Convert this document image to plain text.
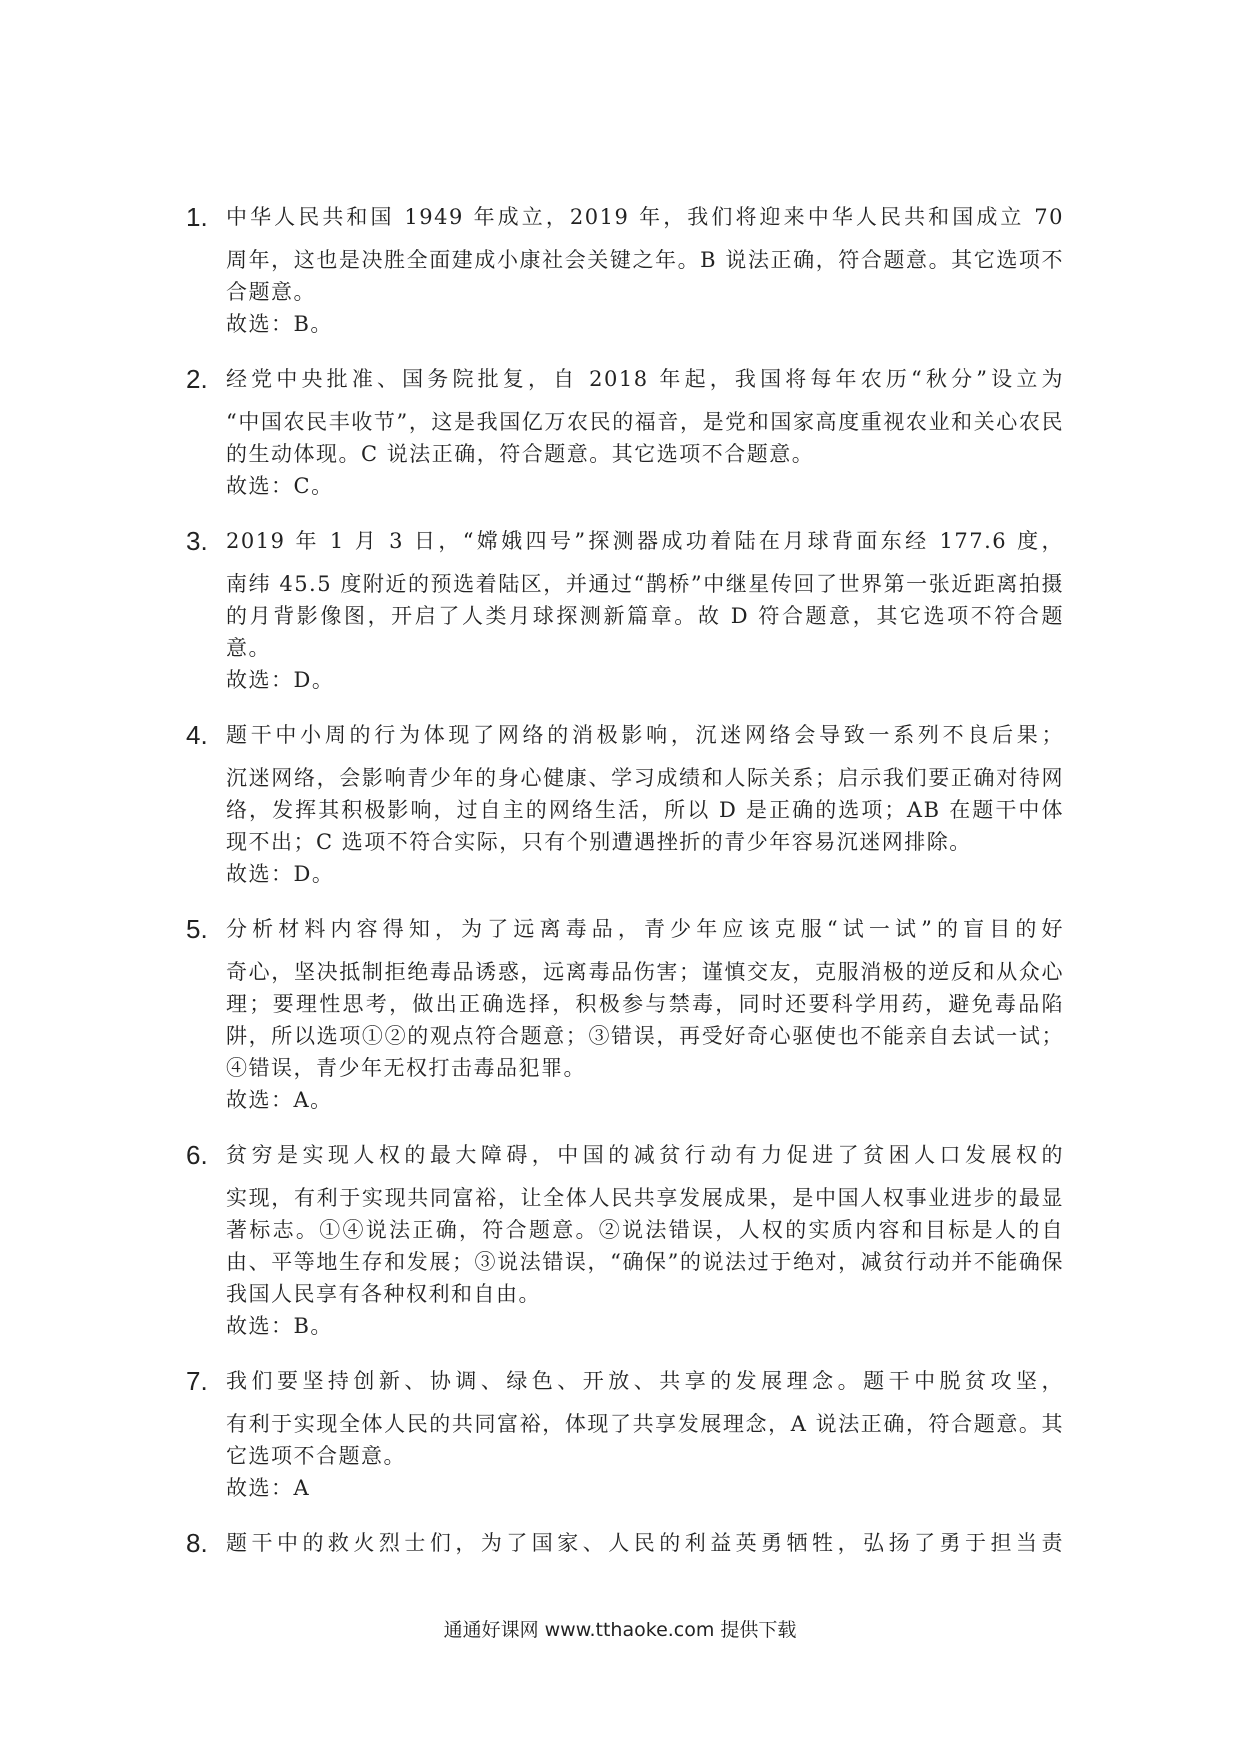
1. 中华人民共和国 1949 年成立，2019 年，我们将迎来中华人民共和国成立 70

周年，这也是决胜全面建成小康社会关键之年。B 说法正确，符合题意。其它选项不合题意。

故选：B。

2. 经党中央批准、国务院批复，自 2018 年起，我国将每年农历“秋分”设立为

“中国农民丰收节”，这是我国亿万农民的福音，是党和国家高度重视农业和关心农民的生动体现。C 说法正确，符合题意。其它选项不合题意。

故选：C。

3. 2019 年 1 月 3 日，“嫦娥四号”探测器成功着陆在月球背面东经 177.6 度，

南纬 45.5 度附近的预选着陆区，并通过“鹊桥”中继星传回了世界第一张近距离拍摄的月背影像图，开启了人类月球探测新篇章。故 D 符合题意，其它选项不符合题意。

故选：D。

4. 题干中小周的行为体现了网络的消极影响，沉迷网络会导致一系列不良后果；

沉迷网络，会影响青少年的身心健康、学习成绩和人际关系；启示我们要正确对待网络，发挥其积极影响，过自主的网络生活，所以 D 是正确的选项；AB 在题干中体现不出；C 选项不符合实际，只有个别遭遇挫折的青少年容易沉迷网排除。

故选：D。

5. 分析材料内容得知，为了远离毒品，青少年应该克服“试一试”的盲目的好

奇心，坚决抵制拒绝毒品诱惑，远离毒品伤害；谨慎交友，克服消极的逆反和从众心理；要理性思考，做出正确选择，积极参与禁毒，同时还要科学用药，避免毒品陷阱，所以选项①②的观点符合题意；③错误，再受好奇心驱使也不能亲自去试一试；④错误，青少年无权打击毒品犯罪。

故选：A。

6. 贫穷是实现人权的最大障碍，中国的减贫行动有力促进了贫困人口发展权的

实现，有利于实现共同富裕，让全体人民共享发展成果，是中国人权事业进步的最显著标志。①④说法正确，符合题意。②说法错误，人权的实质内容和目标是人的自由、平等地生存和发展；③说法错误，“确保”的说法过于绝对，减贫行动并不能确保我国人民享有各种权利和自由。

故选：B。

7. 我们要坚持创新、协调、绿色、开放、共享的发展理念。题干中脱贫攻坚，

有利于实现全体人民的共同富裕，体现了共享发展理念，A 说法正确，符合题意。其它选项不合题意。

故选：A

8. 题干中的救火烈士们，为了国家、人民的利益英勇牺牲，弘扬了勇于担当责

通通好课网 www.tthaoke.com 提供下载
